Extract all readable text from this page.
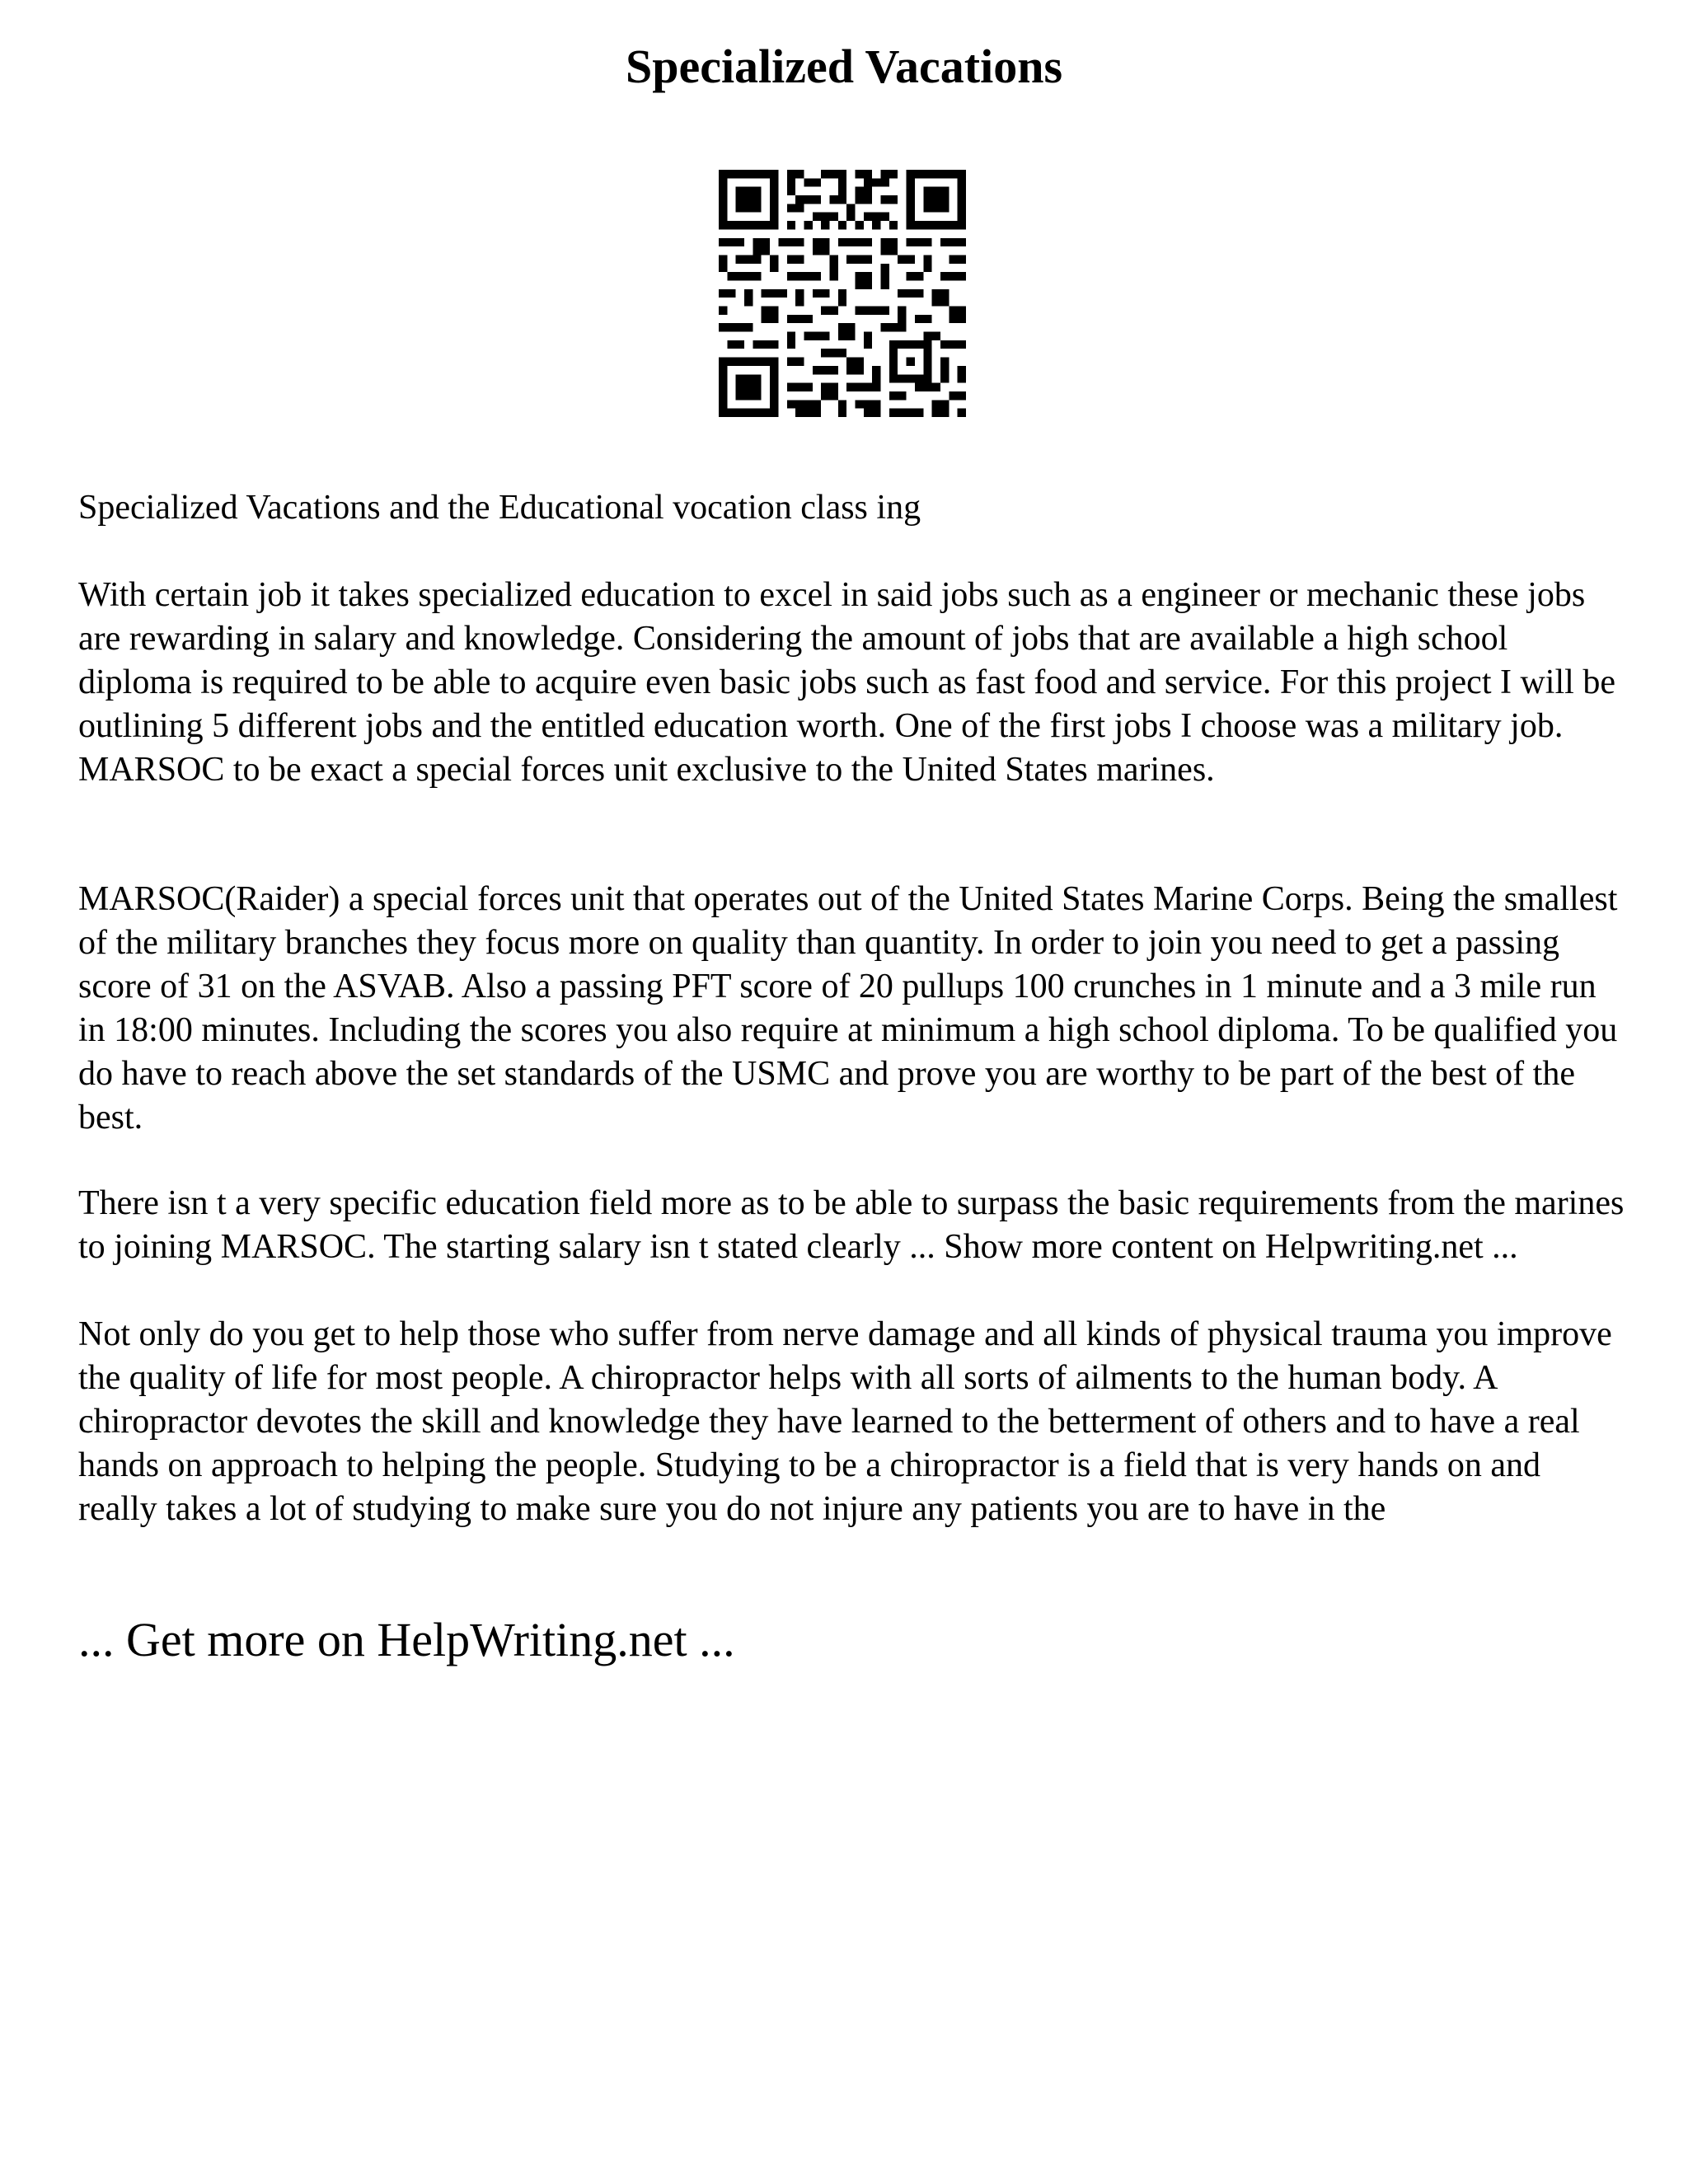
Specialized Vacations

Specialized Vacations and the Educational vocation class ing

With certain job it takes specialized education to excel in said jobs such as a engineer or mechanic these jobs are rewarding in salary and knowledge. Considering the amount of jobs that are available a high school diploma is required to be able to acquire even basic jobs such as fast food and service. For this project I will be outlining 5 different jobs and the entitled education worth. One of the first jobs I choose was a military job. MARSOC to be exact a special forces unit exclusive to the United States marines.

MARSOC(Raider) a special forces unit that operates out of the United States Marine Corps. Being the smallest of the military branches they focus more on quality than quantity. In order to join you need to get a passing score of 31 on the ASVAB. Also a passing PFT score of 20 pullups 100 crunches in 1 minute and a 3 mile run in 18:00 minutes. Including the scores you also require at minimum a high school diploma. To be qualified you do have to reach above the set standards of the USMC and prove you are worthy to be part of the best of the best.

There isn t a very specific education field more as to be able to surpass the basic requirements from the marines to joining MARSOC. The starting salary isn t stated clearly ... Show more content on Helpwriting.net ...

Not only do you get to help those who suffer from nerve damage and all kinds of physical trauma you improve the quality of life for most people. A chiropractor helps with all sorts of ailments to the human body. A chiropractor devotes the skill and knowledge they have learned to the betterment of others and to have a real hands on approach to helping the people. Studying to be a chiropractor is a field that is very hands on and really takes a lot of studying to make sure you do not injure any patients you are to have in the

... Get more on HelpWriting.net ...
